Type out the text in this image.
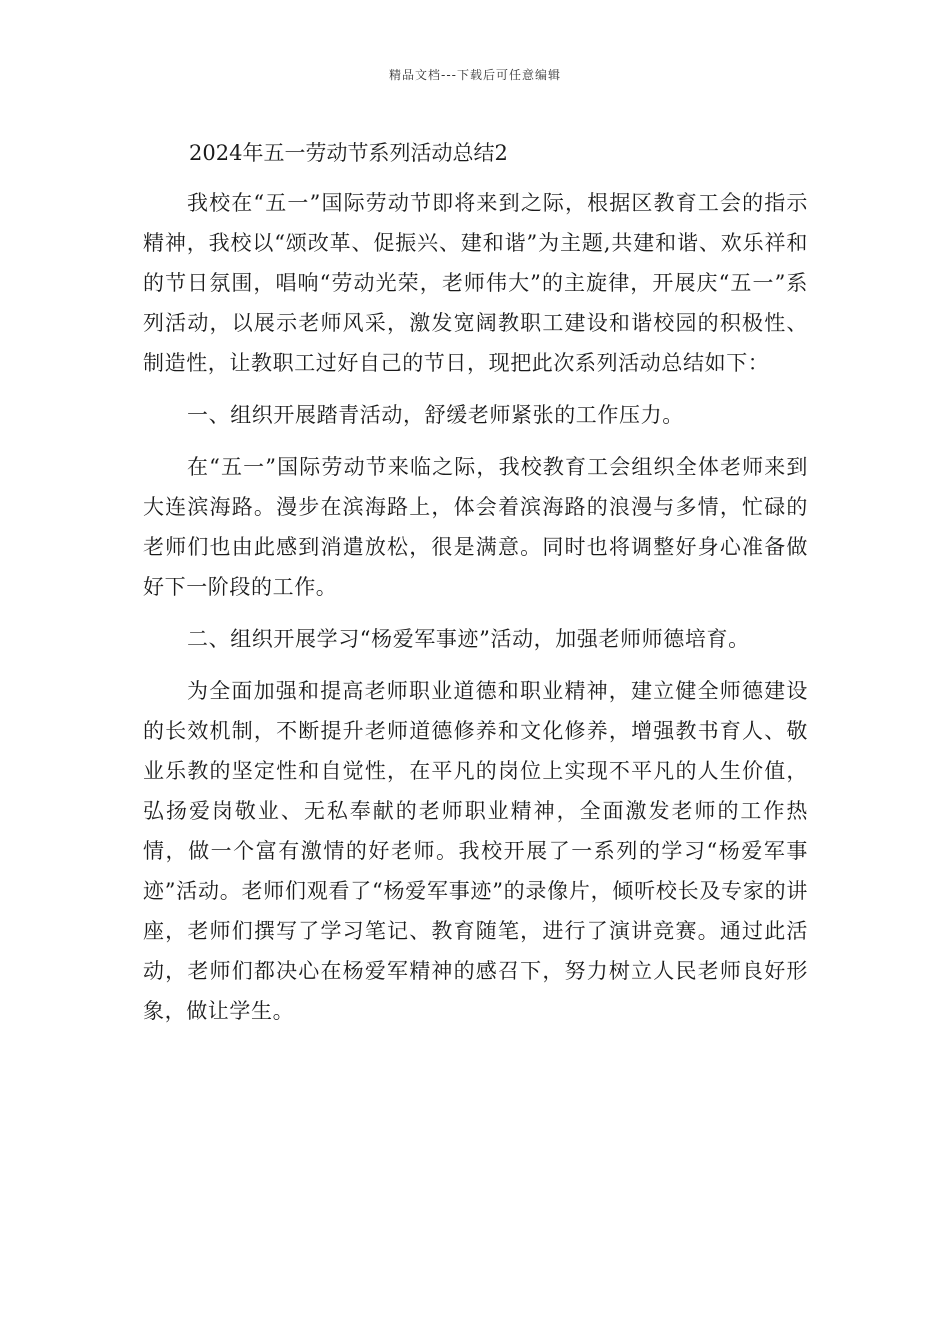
精品文档---下载后可任意编辑
2024年五一劳动节系列活动总结2

我校在“五一”国际劳动节即将来到之际，根据区教育工会的指示精神，我校以“颂改革、促振兴、建和谐”为主题,共建和谐、欢乐祥和的节日氛围，唱响“劳动光荣，老师伟大”的主旋律，开展庆“五一”系列活动，以展示老师风采，激发宽阔教职工建设和谐校园的积极性、制造性，让教职工过好自己的节日，现把此次系列活动总结如下：

一、组织开展踏青活动，舒缓老师紧张的工作压力。

在“五一”国际劳动节来临之际，我校教育工会组织全体老师来到大连滨海路。漫步在滨海路上，体会着滨海路的浪漫与多情，忙碌的老师们也由此感到消遣放松，很是满意。同时也将调整好身心准备做好下一阶段的工作。

二、组织开展学习“杨爱军事迹”活动，加强老师师德培育。

为全面加强和提高老师职业道德和职业精神，建立健全师德建设的长效机制，不断提升老师道德修养和文化修养，增强教书育人、敬业乐教的坚定性和自觉性，在平凡的岗位上实现不平凡的人生价值，弘扬爱岗敬业、无私奉献的老师职业精神，全面激发老师的工作热情，做一个富有激情的好老师。我校开展了一系列的学习“杨爱军事迹”活动。老师们观看了“杨爱军事迹”的录像片，倾听校长及专家的讲座，老师们撰写了学习笔记、教育随笔，进行了演讲竞赛。通过此活动，老师们都决心在杨爱军精神的感召下，努力树立人民老师良好形象，做让学生。
